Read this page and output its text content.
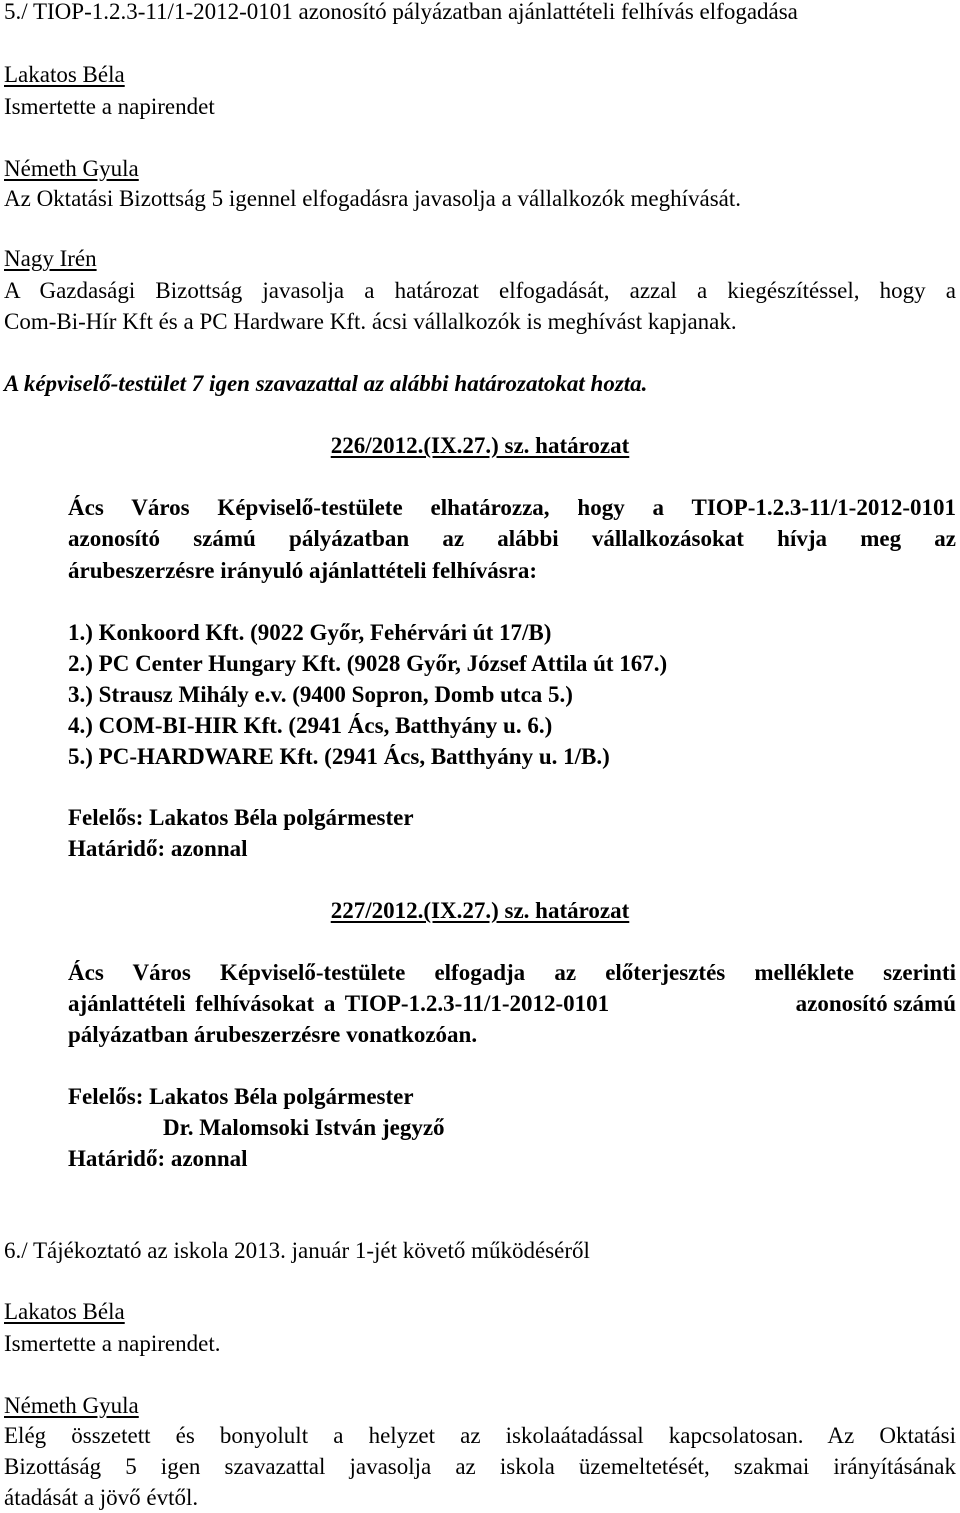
5./ TIOP-1.2.3-11/1-2012-0101 azonosító pályázatban ajánlattételi felhívás elfogadása
Lakatos Béla
Ismertette a napirendet
Németh Gyula
Az Oktatási Bizottság 5 igennel elfogadásra javasolja a vállalkozók meghívását.
Nagy Irén
A Gazdasági Bizottság javasolja a határozat elfogadását, azzal a kiegészítéssel, hogy a
Com-Bi-Hír Kft és a PC Hardware Kft. ácsi vállalkozók is meghívást kapjanak.
A képviselő-testület 7 igen szavazattal az alábbi határozatokat hozta.
226/2012.(IX.27.) sz. határozat
Ács Város Képviselő-testülete elhatározza, hogy a TIOP-1.2.3-11/1-2012-0101
azonosító számú pályázatban az alábbi vállalkozásokat hívja meg az
árubeszerzésre irányuló ajánlattételi felhívásra:
1.) Konkoord Kft. (9022 Győr, Fehérvári út 17/B)
2.) PC Center Hungary Kft. (9028 Győr, József Attila út 167.)
3.) Strausz Mihály e.v. (9400 Sopron, Domb utca 5.)
4.) COM-BI-HIR Kft. (2941 Ács, Batthyány u. 6.)
5.) PC-HARDWARE Kft. (2941 Ács, Batthyány u. 1/B.)
Felelős: Lakatos Béla polgármester
Határidő: azonnal
227/2012.(IX.27.) sz. határozat
Ács Város Képviselő-testülete elfogadja az előterjesztés melléklete szerinti
ajánlattételi felhívásokat a TIOP-1.2.3-11/1-2012-0101	azonosító számú
pályázatban árubeszerzésre vonatkozóan.
Felelős: Lakatos Béla polgármester
Dr. Malomsoki István jegyző
Határidő: azonnal
6./ Tájékoztató az iskola 2013. január 1-jét követő működéséről
Lakatos Béla
Ismertette a napirendet.
Németh Gyula
Elég összetett és bonyolult a helyzet az iskolaátadással kapcsolatosan. Az Oktatási
Bizottáság 5 igen szavazattal javasolja az iskola üzemeltetését, szakmai irányításának
átadását a jövő évtől.
